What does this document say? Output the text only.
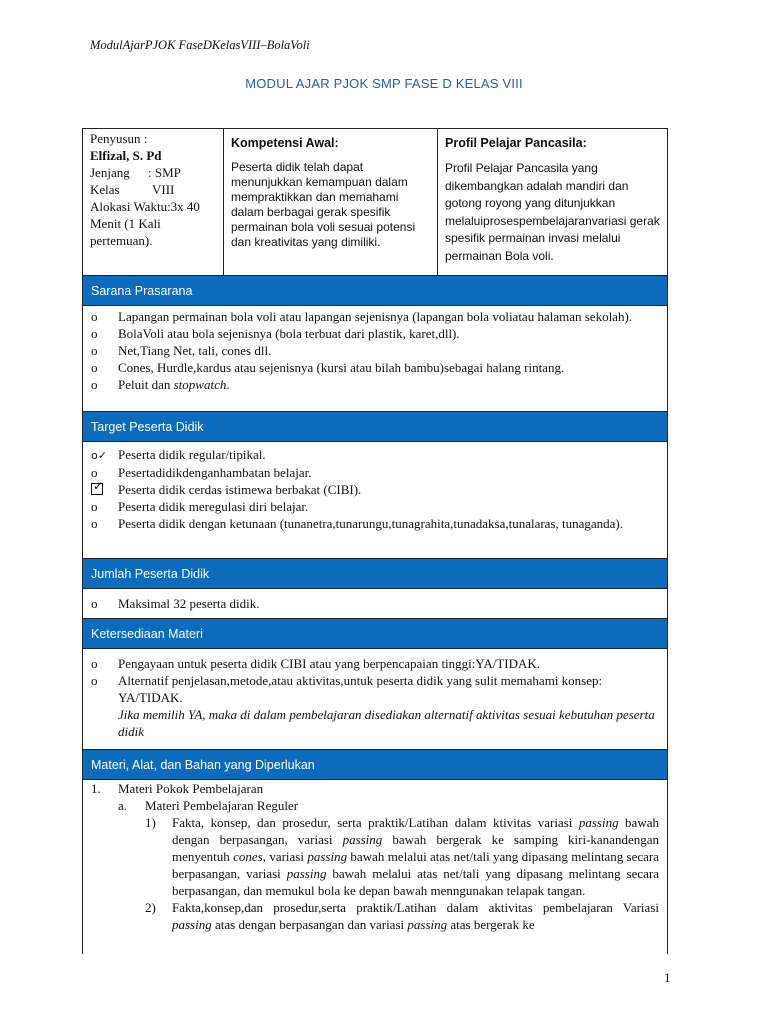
ModulAjarPJOK FaseDKelasVIII–BolaVoli
MODUL AJAR PJOK SMP FASE D KELAS VIII
Penyusun :
Elfizal, S. Pd
Jenjang : SMP
Kelas VIII
Alokasi Waktu:3x 40
Menit (1 Kali
pertemuan).
Kompetensi Awal:
Peserta didik telah dapat menunjukkan kemampuan dalam mempraktikkan dan memahami dalam berbagai gerak spesifik permainan bola voli sesuai potensi dan kreativitas yang dimiliki.
Profil Pelajar Pancasila:
Profil Pelajar Pancasila yang dikembangkan adalah mandiri dan gotong royong yang ditunjukkan melaluiprosespembelajaranvariasi gerak spesifik permainan invasi melalui permainan Bola voli.
Sarana Prasarana
o	Lapangan permainan bola voli atau lapangan sejenisnya (lapangan bola voliatau halaman sekolah).
o	BolaVoli atau bola sejenisnya (bola terbuat dari plastik, karet,dll).
o	Net,Tiang Net, tali, cones dll.
o	Cones, Hurdle,kardus atau sejenisnya (kursi atau bilah bambu)sebagai halang rintang.
o	Peluit dan stopwatch.
Target Peserta Didik
o✓ Peserta didik regular/tipikal.
o	Pesertadidikdenganhambatan belajar.
✓
Peserta didik cerdas istimewa berbakat (CIBI).
o	Peserta didik meregulasi diri belajar.
o	Peserta didik dengan ketunaan (tunanetra,tunarungu,tunagrahita,tunadaksa,tunalaras, tunaganda).
Jumlah Peserta Didik
o	Maksimal 32 peserta didik.
Ketersediaan Materi
o	Pengayaan untuk peserta didik CIBI atau yang berpencapaian tinggi:YA/TIDAK.
o	Alternatif penjelasan,metode,atau aktivitas,untuk peserta didik yang sulit memahami konsep: YA/TIDAK.
Jika memilih YA, maka di dalam pembelajaran disediakan alternatif aktivitas sesuai kebutuhan peserta didik
Materi, Alat, dan Bahan yang Diperlukan
1.	Materi Pokok Pembelajaran
a.	Materi Pembelajaran Reguler
1)	Fakta, konsep, dan prosedur, serta praktik/Latihan dalam ktivitas variasi passing bawah dengan berpasangan, variasi passing bawah bergerak ke samping kiri-kanandengan menyentuh cones, variasi passing bawah melalui atas net/tali yang dipasang melintang secara berpasangan, variasi passing bawah melalui atas net/tali yang dipasang melintang secara berpasangan, dan memukul bola ke depan bawah menngunakan telapak tangan.
2)	Fakta,konsep,dan prosedur,serta praktik/Latihan dalam aktivitas pembelajaran Variasi passing atas dengan berpasangan dan variasi passing atas bergerak ke
1
